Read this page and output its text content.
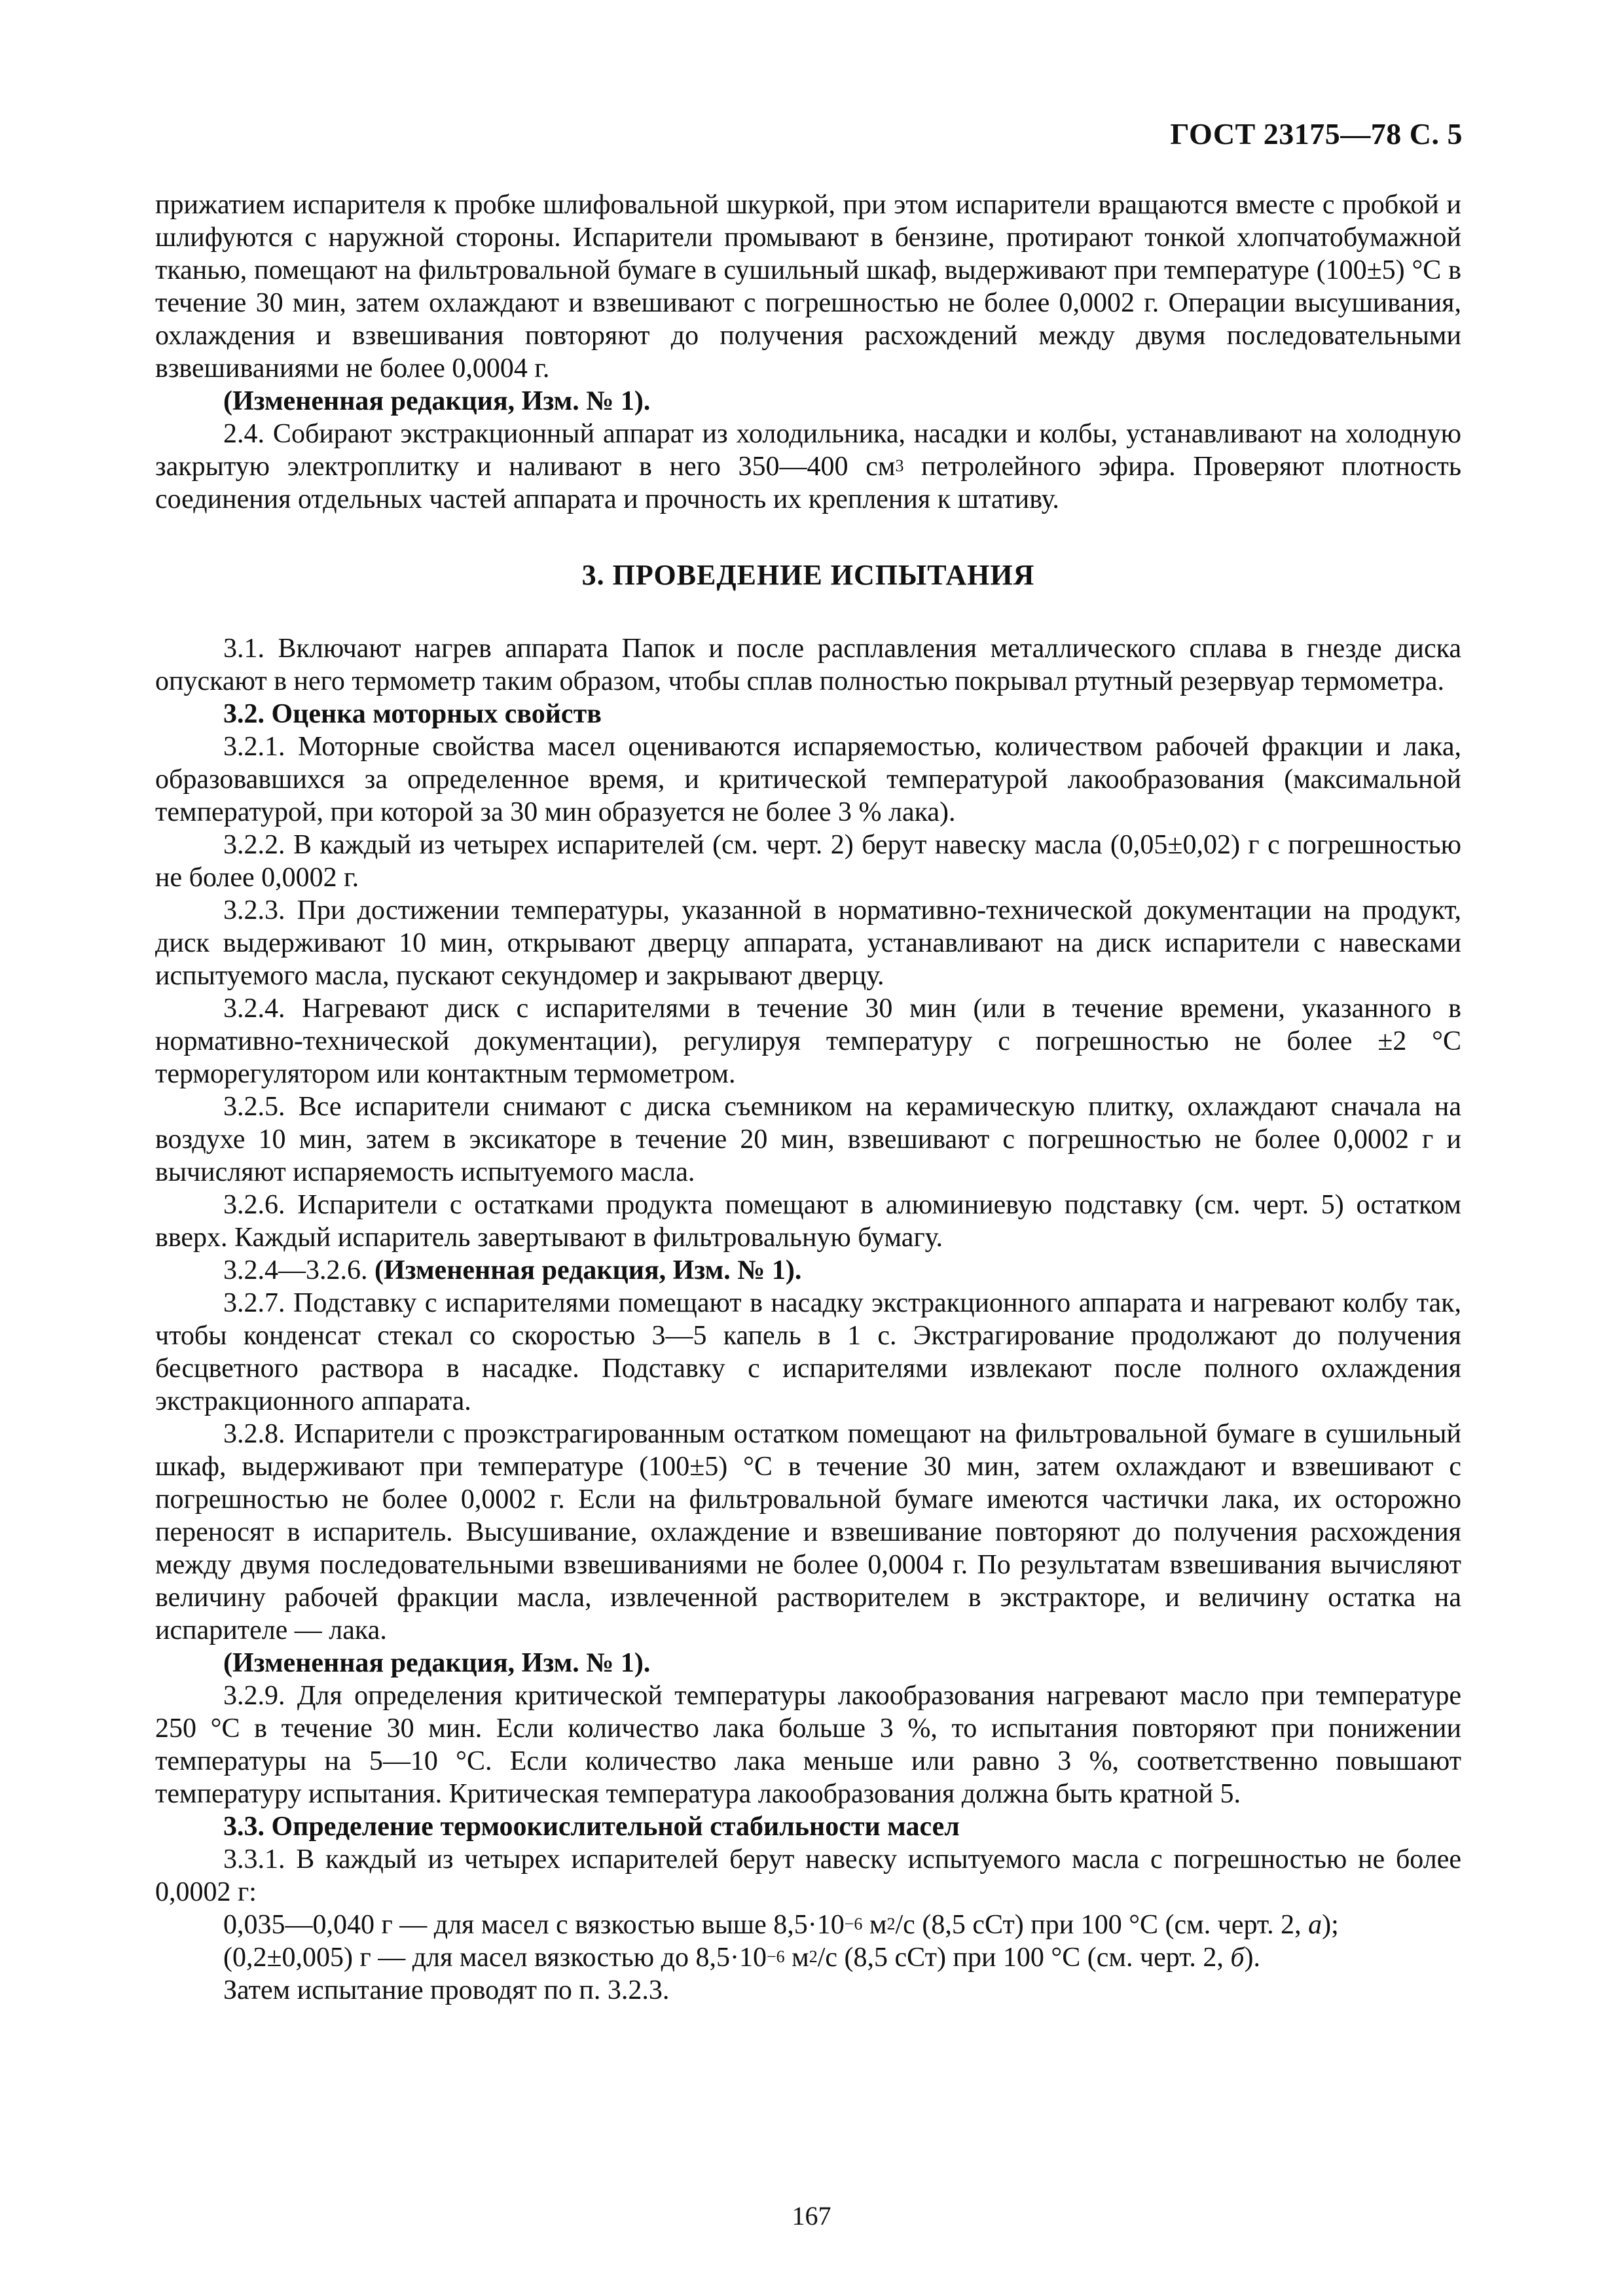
ГОСТ 23175—78 С. 5

прижатием испарителя к пробке шлифовальной шкуркой, при этом испарители вращаются вместе с пробкой и шлифуются с наружной стороны. Испарители промывают в бензине, протирают тонкой хлопчатобумажной тканью, помещают на фильтровальной бумаге в сушильный шкаф, выдерживают при температуре (100±5) °С в течение 30 мин, затем охлаждают и взвешивают с погрешностью не более 0,0002 г. Операции высушивания, охлаждения и взвешивания повторяют до получения расхождений между двумя последовательными взвешиваниями не более 0,0004 г.

(Измененная редакция, Изм. № 1).

2.4. Собирают экстракционный аппарат из холодильника, насадки и колбы, устанавливают на холодную закрытую электроплитку и наливают в него 350—400 $см^3$ петролейного эфира. Проверяют плотность соединения отдельных частей аппарата и прочность их крепления к штативу.

3. ПРОВЕДЕНИЕ ИСПЫТАНИЯ

3.1. Включают нагрев аппарата Папок и после расплавления металлического сплава в гнезде диска опускают в него термометр таким образом, чтобы сплав полностью покрывал ртутный резервуар термометра.

3.2. Оценка моторных свойств

3.2.1. Моторные свойства масел оцениваются испаряемостью, количеством рабочей фракции и лака, образовавшихся за определенное время, и критической температурой лакообразования (максимальной температурой, при которой за 30 мин образуется не более 3 % лака).

3.2.2. В каждый из четырех испарителей (см. черт. 2) берут навеску масла (0,05±0,02) г с погрешностью не более 0,0002 г.

3.2.3. При достижении температуры, указанной в нормативно-технической документации на продукт, диск выдерживают 10 мин, открывают дверцу аппарата, устанавливают на диск испарители с навесками испытуемого масла, пускают секундомер и закрывают дверцу.

3.2.4. Нагревают диск с испарителями в течение 30 мин (или в течение времени, указанного в нормативно-технической документации), регулируя температуру с погрешностью не более ±2 °С терморегулятором или контактным термометром.

3.2.5. Все испарители снимают с диска съемником на керамическую плитку, охлаждают сначала на воздухе 10 мин, затем в эксикаторе в течение 20 мин, взвешивают с погрешностью не более 0,0002 г и вычисляют испаряемость испытуемого масла.

3.2.6. Испарители с остатками продукта помещают в алюминиевую подставку (см. черт. 5) остатком вверх. Каждый испаритель завертывают в фильтровальную бумагу.

3.2.4—3.2.6. (Измененная редакция, Изм. № 1).

3.2.7. Подставку с испарителями помещают в насадку экстракционного аппарата и нагревают колбу так, чтобы конденсат стекал со скоростью 3—5 капель в 1 с. Экстрагирование продолжают до получения бесцветного раствора в насадке. Подставку с испарителями извлекают после полного охлаждения экстракционного аппарата.

3.2.8. Испарители с проэкстрагированным остатком помещают на фильтровальной бумаге в сушильный шкаф, выдерживают при температуре (100±5) °С в течение 30 мин, затем охлаждают и взвешивают с погрешностью не более 0,0002 г. Если на фильтровальной бумаге имеются частички лака, их осторожно переносят в испаритель. Высушивание, охлаждение и взвешивание повторяют до получения расхождения между двумя последовательными взвешиваниями не более 0,0004 г. По результатам взвешивания вычисляют величину рабочей фракции масла, извлеченной растворителем в экстракторе, и величину остатка на испарителе — лака.

(Измененная редакция, Изм. № 1).

3.2.9. Для определения критической температуры лакообразования нагревают масло при температуре 250 °С в течение 30 мин. Если количество лака больше 3 %, то испытания повторяют при понижении температуры на 5—10 °С. Если количество лака меньше или равно 3 %, соответственно повышают температуру испытания. Критическая температура лакообразования должна быть кратной 5.

3.3. Определение термоокислительной стабильности масел

3.3.1. В каждый из четырех испарителей берут навеску испытуемого масла с погрешностью не более 0,0002 г:

0,035—0,040 г — для масел с вязкостью выше $8,5\cdot 10^{-6}$ $м^2/с$ (8,5 сСт) при 100 °С (см. черт. 2, а);

(0,2±0,005) г — для масел вязкостью до $8,5\cdot 10^{-6}$ $м^2/с$ (8,5 сСт) при 100 °С (см. черт. 2, б).

Затем испытание проводят по п. 3.2.3.

167
